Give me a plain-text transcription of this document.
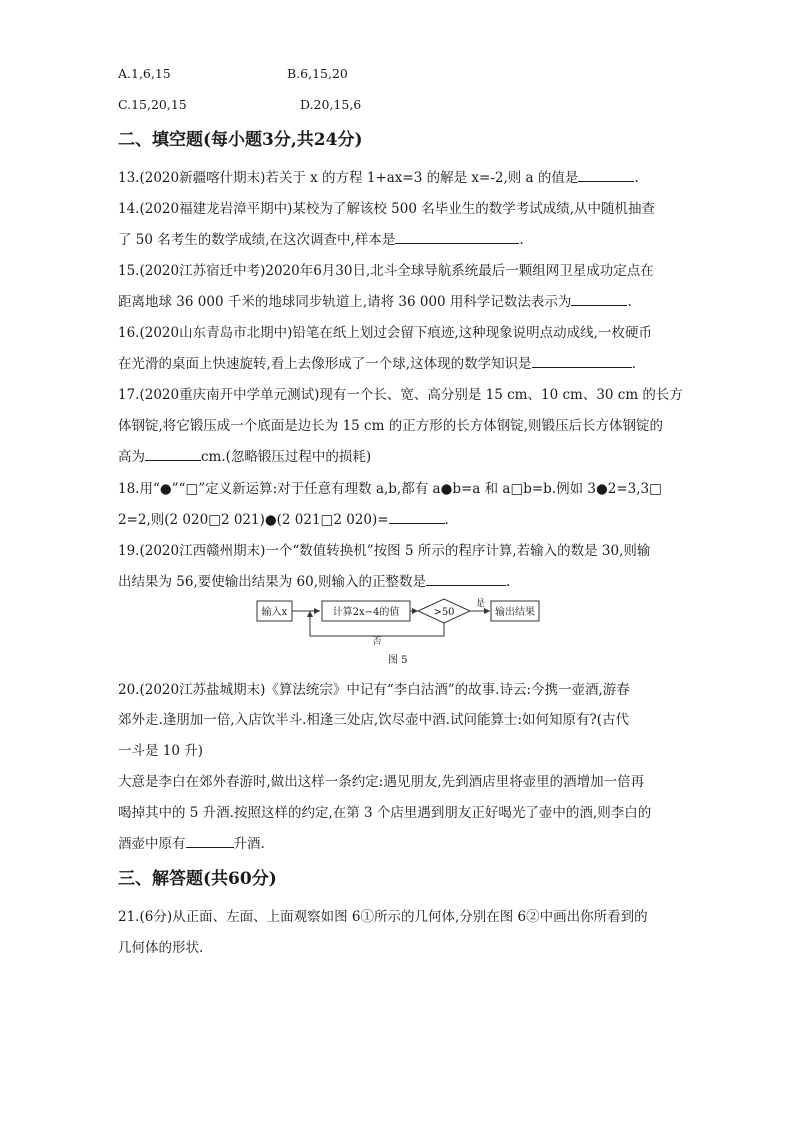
A.1,6,15	B.6,15,20
C.15,20,15	D.20,15,6
二、填空题(每小题3分,共24分)
13.(2020新疆喀什期末)若关于 x 的方程 1+ax=3 的解是 x=-2,则 a 的值是	.
14.(2020福建龙岩漳平期中)某校为了解该校 500 名毕业生的数学考试成绩,从中随机抽查
了 50 名考生的数学成绩,在这次调查中,样本是	.
15.(2020江苏宿迁中考)2020年6月30日,北斗全球导航系统最后一颗组网卫星成功定点在
距离地球 36 000 千米的地球同步轨道上,请将 36 000 用科学记数法表示为	.
16.(2020山东青岛市北期中)铅笔在纸上划过会留下痕迹,这种现象说明点动成线,一枚硬币
在光滑的桌面上快速旋转,看上去像形成了一个球,这体现的数学知识是	.
17.(2020重庆南开中学单元测试)现有一个长、宽、高分别是 15 cm、10 cm、30 cm 的长方
体钢锭,将它锻压成一个底面是边长为 15 cm 的正方形的长方体钢锭,则锻压后长方体钢锭的
高为	cm.(忽略锻压过程中的损耗)
18.用“●”“□”定义新运算:对于任意有理数 a,b,都有 a●b=a 和 a□b=b.例如 3●2=3,3□
2=2,则(2 020□2 021)●(2 021□2 020)=	.
19.(2020江西赣州期末)一个“数值转换机”按图 5 所示的程序计算,若输入的数是 30,则输
出结果为 56,要使输出结果为 60,则输入的正整数是	.
输入x	计算2x−4的值	>50
是
输出结果
否
图 5
20.(2020江苏盐城期末)《算法统宗》中记有“李白沽酒”的故事.诗云:今携一壶酒,游春
郊外走.逢朋加一倍,入店饮半斗.相逢三处店,饮尽壶中酒.试问能算士:如何知原有?(古代
一斗是 10 升)
大意是李白在郊外春游时,做出这样一条约定:遇见朋友,先到酒店里将壶里的酒增加一倍再
喝掉其中的 5 升酒.按照这样的约定,在第 3 个店里遇到朋友正好喝光了壶中的酒,则李白的
酒壶中原有	升酒.
三、解答题(共60分)
21.(6分)从正面、左面、上面观察如图 6①所示的几何体,分别在图 6②中画出你所看到的
几何体的形状.
